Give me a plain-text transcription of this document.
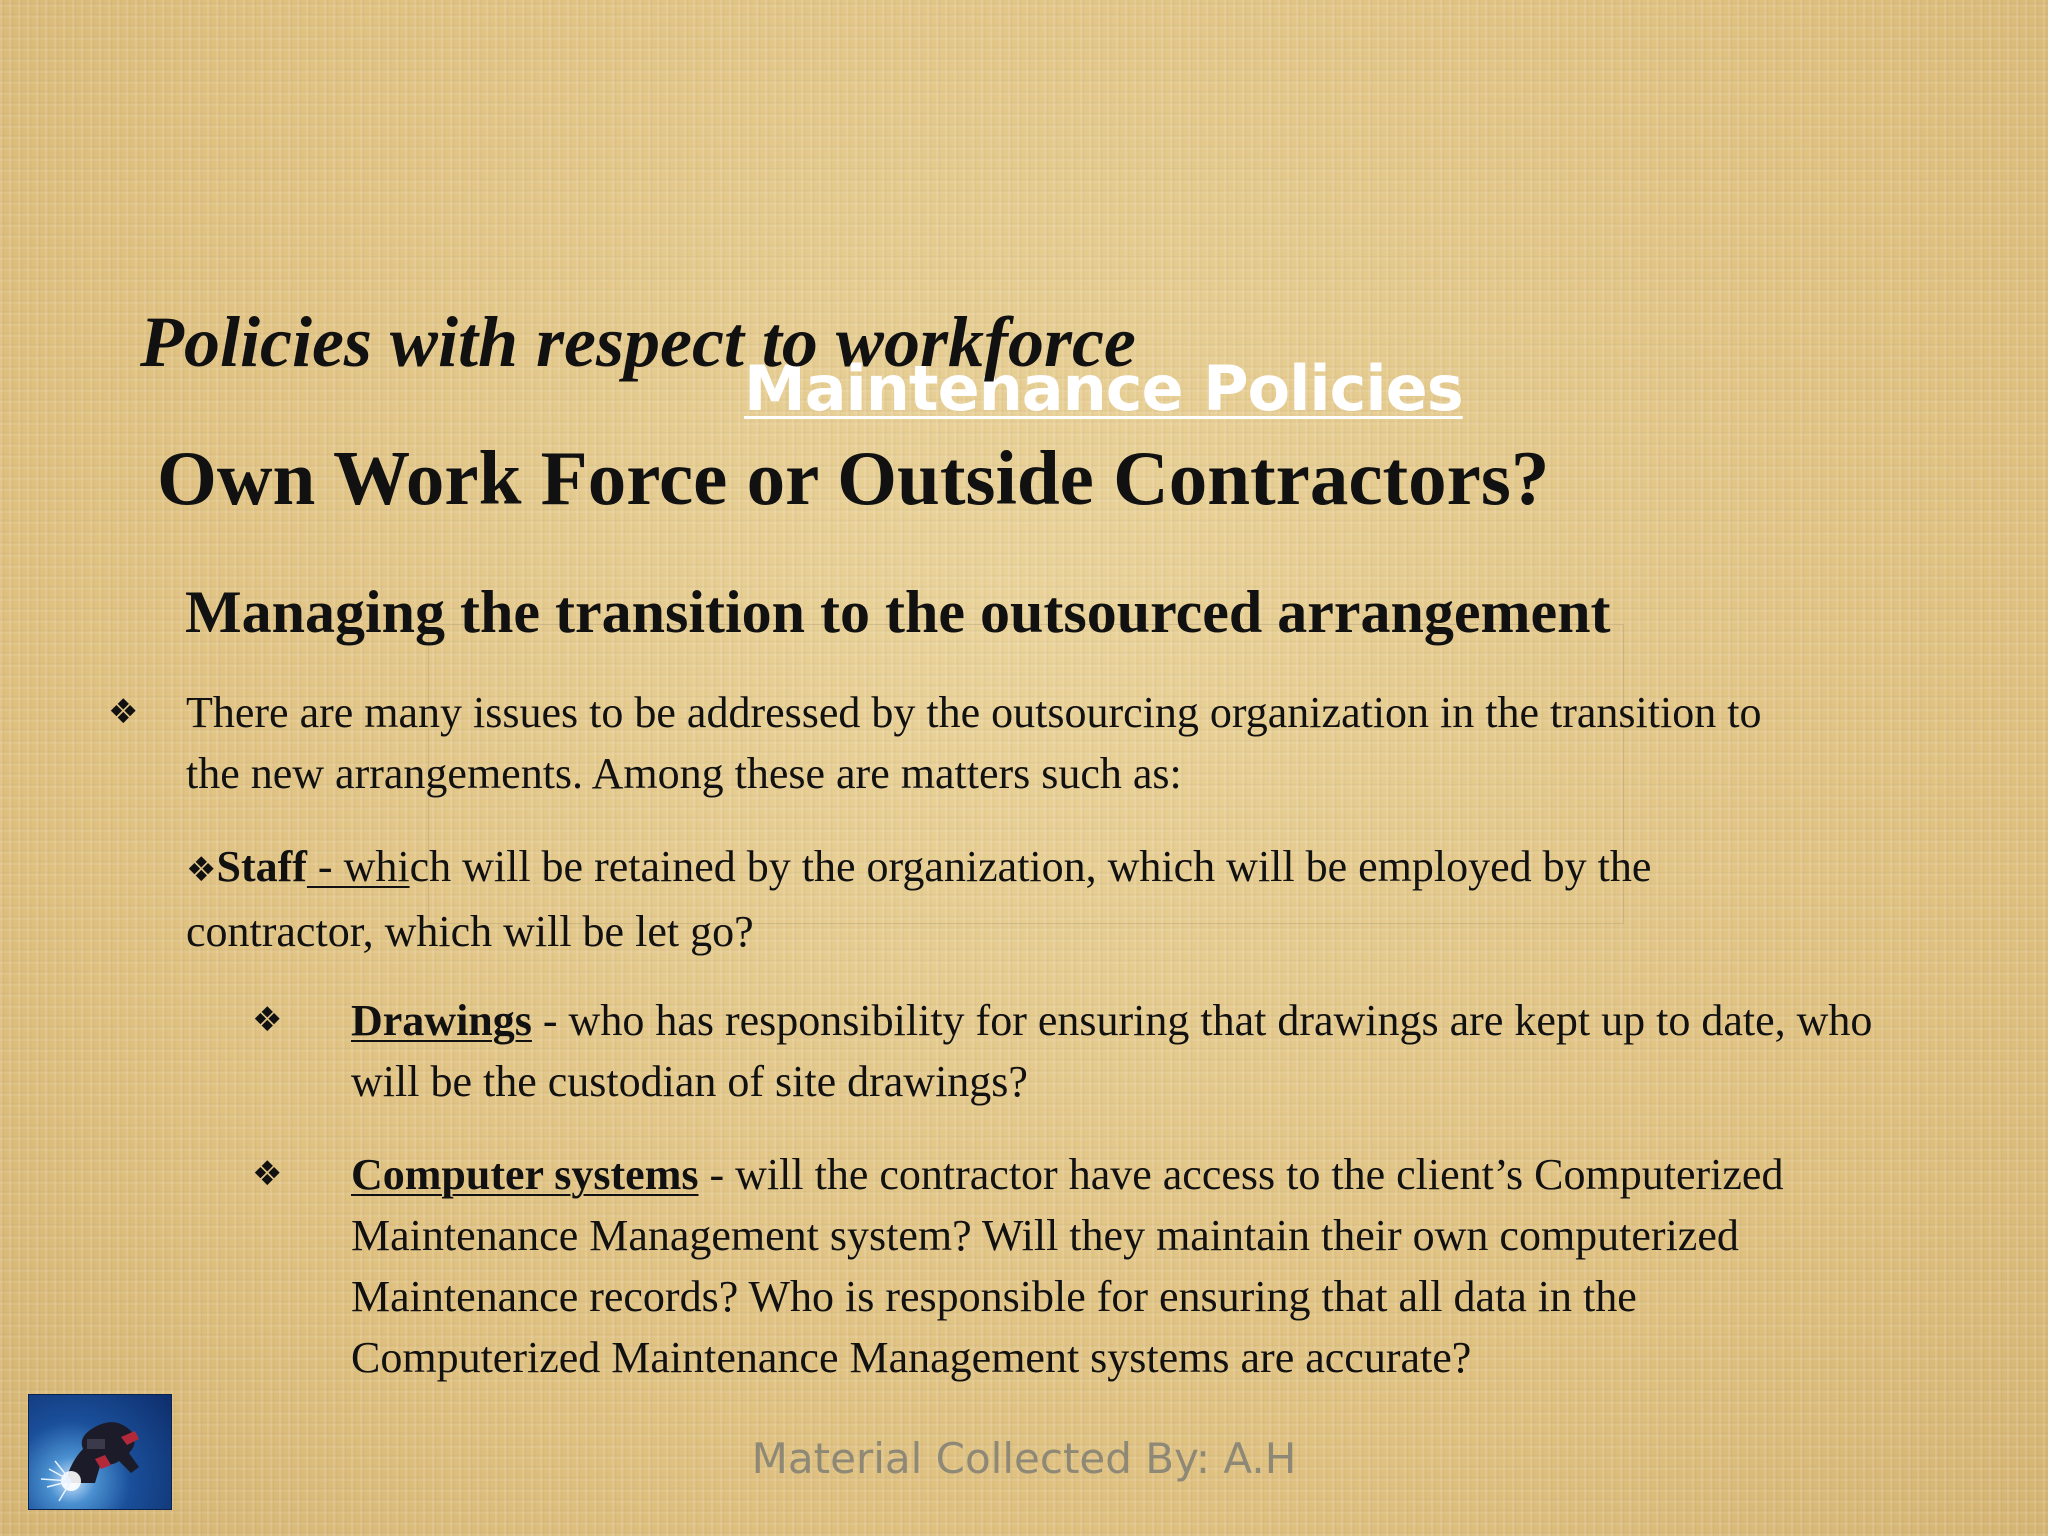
Maintenance Policies
Policies with respect to workforce
Own Work Force or Outside Contractors?
Managing the transition to the outsourced arrangement
❖ There are many issues to be addressed by the outsourcing organization in the transition to the new arrangements. Among these are matters such as:
❖Staff - which will be retained by the organization, which will be employed by the contractor, which will be let go?
❖ Drawings - who has responsibility for ensuring that drawings are kept up to date, who will be the custodian of site drawings?
❖ Computer systems - will the contractor have access to the client’s Computerized Maintenance Management system? Will they maintain their own computerized Maintenance records? Who is responsible for ensuring that all data in the Computerized Maintenance Management systems are accurate?
Material Collected By: A.H
